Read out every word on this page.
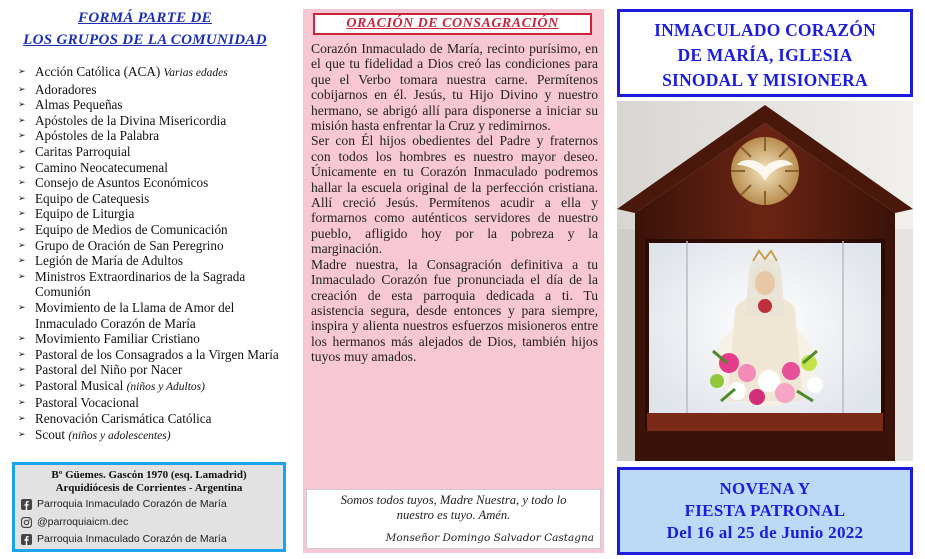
FORMÁ PARTE DE
LOS GRUPOS DE LA COMUNIDAD
➢ Acción Católica (ACA) Varias edades
➢ Adoradores
➢ Almas Pequeñas
➢ Apóstoles de la Divina Misericordia
➢ Apóstoles de la Palabra
➢ Caritas Parroquial
➢ Camino Neocatecumenal
➢ Consejo de Asuntos Económicos
➢ Equipo de Catequesis
➢ Equipo de Liturgia
➢ Equipo de Medios de Comunicación
➢ Grupo de Oración de San Peregrino
➢ Legión de María de Adultos
➢ Ministros Extraordinarios de la Sagrada Comunión
➢ Movimiento de la Llama de Amor del Inmaculado Corazón de María
➢ Movimiento Familiar Cristiano
➢ Pastoral de los Consagrados a la Virgen María
➢ Pastoral del Niño por Nacer
➢ Pastoral Musical (niños y Adultos)
➢ Pastoral Vocacional
➢ Renovación Carismática Católica
➢ Scout (niños y adolescentes)
Bº Güemes. Gascón 1970 (esq. Lamadrid)
Arquidiócesis de Corrientes - Argentina
Parroquia Inmaculado Corazón de María
@parroquiaicm.dec
Parroquia Inmaculado Corazón de María
ORACIÓN DE CONSAGRACIÓN

Corazón Inmaculado de María, recinto purísimo, en el que tu fidelidad a Dios creó las condiciones para que el Verbo tomara nuestra carne. Permítenos cobijarnos en él. Jesús, tu Hijo Divino y nuestro hermano, se abrigó allí para disponerse a iniciar su misión hasta enfrentar la Cruz y redimirnos.

Ser con Él hijos obedientes del Padre y fraternos con todos los hombres es nuestro mayor deseo. Únicamente en tu Corazón Inmaculado podremos hallar la escuela original de la perfección cristiana. Allí creció Jesús. Permítenos acudir a ella y formarnos como auténticos servidores de nuestro pueblo, afligido hoy por la pobreza y la marginación.

Madre nuestra, la Consagración definitiva a tu Inmaculado Corazón fue pronunciada el día de la creación de esta parroquia dedicada a ti. Tu asistencia segura, desde entonces y para siempre, inspira y alienta nuestros esfuerzos misioneros entre los hermanos más alejados de Dios, también hijos tuyos muy amados.

Somos todos tuyos, Madre Nuestra, y todo lo
nuestro es tuyo. Amén.
Monseñor Domingo Salvador Castagna
INMACULADO CORAZÓN
DE MARÍA, IGLESIA
SINODAL Y MISIONERA
NOVENA Y
FIESTA PATRONAL
Del 16 al 25 de Junio 2022
